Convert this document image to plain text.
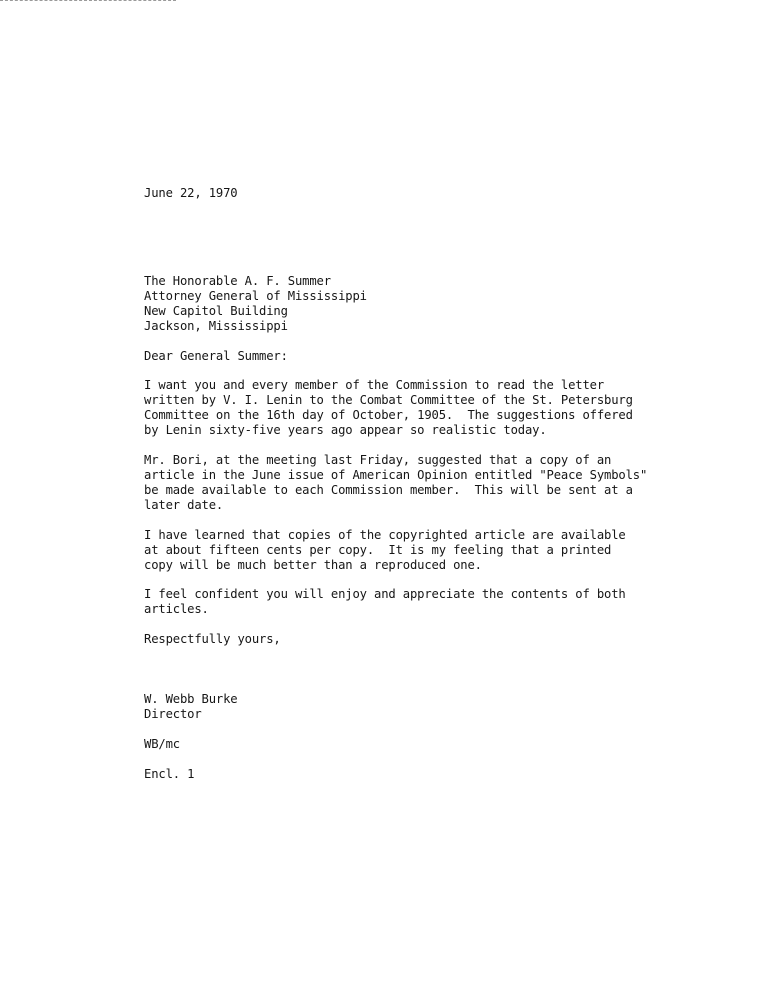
June 22, 1970
The Honorable A. F. Summer
Attorney General of Mississippi
New Capitol Building
Jackson, Mississippi
Dear General Summer:
I want you and every member of the Commission to read the letter
written by V. I. Lenin to the Combat Committee of the St. Petersburg
Committee on the 16th day of October, 1905.  The suggestions offered
by Lenin sixty-five years ago appear so realistic today.
Mr. Bori, at the meeting last Friday, suggested that a copy of an
article in the June issue of American Opinion entitled "Peace Symbols"
be made available to each Commission member.  This will be sent at a
later date.
I have learned that copies of the copyrighted article are available
at about fifteen cents per copy.  It is my feeling that a printed
copy will be much better than a reproduced one.
I feel confident you will enjoy and appreciate the contents of both
articles.
Respectfully yours,
W. Webb Burke
Director
WB/mc
Encl. 1
